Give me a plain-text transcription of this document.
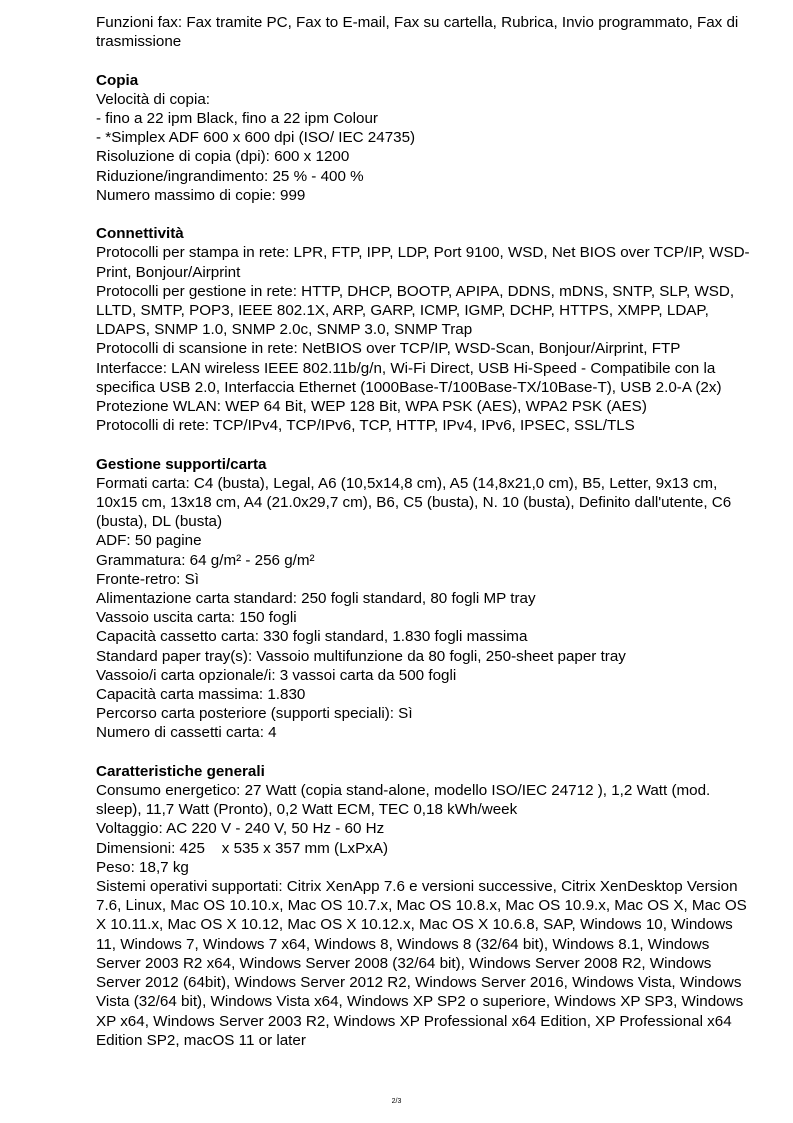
Funzioni fax: Fax tramite PC, Fax to E-mail, Fax su cartella, Rubrica, Invio programmato, Fax di trasmissione
Copia
Velocità di copia:
- fino a 22 ipm Black, fino a 22 ipm Colour
- *Simplex ADF 600 x 600 dpi (ISO/ IEC 24735)
Risoluzione di copia (dpi): 600 x 1200
Riduzione/ingrandimento: 25 % - 400 %
Numero massimo di copie: 999
Connettività
Protocolli per stampa in rete: LPR, FTP, IPP, LDP, Port 9100, WSD, Net BIOS over TCP/IP, WSD-Print, Bonjour/Airprint
Protocolli per gestione in rete: HTTP, DHCP, BOOTP, APIPA, DDNS, mDNS, SNTP, SLP, WSD, LLTD, SMTP, POP3, IEEE 802.1X, ARP, GARP, ICMP, IGMP, DCHP, HTTPS, XMPP, LDAP, LDAPS, SNMP 1.0, SNMP 2.0c, SNMP 3.0, SNMP Trap
Protocolli di scansione in rete: NetBIOS over TCP/IP, WSD-Scan, Bonjour/Airprint, FTP
Interfacce: LAN wireless IEEE 802.11b/g/n, Wi-Fi Direct, USB Hi-Speed - Compatibile con la specifica USB 2.0, Interfaccia Ethernet (1000Base-T/100Base-TX/10Base-T), USB 2.0-A (2x)
Protezione WLAN: WEP 64 Bit, WEP 128 Bit, WPA PSK (AES), WPA2 PSK (AES)
Protocolli di rete: TCP/IPv4, TCP/IPv6, TCP, HTTP, IPv4, IPv6, IPSEC, SSL/TLS
Gestione supporti/carta
Formati carta: C4 (busta), Legal, A6 (10,5x14,8 cm), A5 (14,8x21,0 cm), B5, Letter, 9x13 cm, 10x15 cm, 13x18 cm, A4 (21.0x29,7 cm), B6, C5 (busta), N. 10 (busta), Definito dall'utente, C6 (busta), DL (busta)
ADF: 50 pagine
Grammatura: 64 g/m² - 256 g/m²
Fronte-retro: Sì
Alimentazione carta standard: 250 fogli standard, 80 fogli MP tray
Vassoio uscita carta: 150 fogli
Capacità cassetto carta: 330 fogli standard, 1.830 fogli massima
Standard paper tray(s): Vassoio multifunzione da 80 fogli, 250-sheet paper tray
Vassoio/i carta opzionale/i: 3 vassoi carta da 500 fogli
Capacità carta massima: 1.830
Percorso carta posteriore (supporti speciali): Sì
Numero di cassetti carta: 4
Caratteristiche generali
Consumo energetico: 27 Watt (copia stand-alone, modello ISO/IEC 24712 ), 1,2 Watt (mod. sleep), 11,7 Watt (Pronto), 0,2 Watt ECM, TEC 0,18 kWh/week
Voltaggio: AC 220 V - 240 V, 50 Hz - 60 Hz
Dimensioni: 425    x 535 x 357 mm (LxPxA)
Peso: 18,7 kg
Sistemi operativi supportati: Citrix XenApp 7.6 e versioni successive, Citrix XenDesktop Version 7.6, Linux, Mac OS 10.10.x, Mac OS 10.7.x, Mac OS 10.8.x, Mac OS 10.9.x, Mac OS X, Mac OS X 10.11.x, Mac OS X 10.12, Mac OS X 10.12.x, Mac OS X 10.6.8, SAP, Windows 10, Windows 11, Windows 7, Windows 7 x64, Windows 8, Windows 8 (32/64 bit), Windows 8.1, Windows Server 2003 R2 x64, Windows Server 2008 (32/64 bit), Windows Server 2008 R2, Windows Server 2012 (64bit), Windows Server 2012 R2, Windows Server 2016, Windows Vista, Windows Vista (32/64 bit), Windows Vista x64, Windows XP SP2 o superiore, Windows XP SP3, Windows XP x64, Windows Server 2003 R2, Windows XP Professional x64 Edition, XP Professional x64 Edition SP2, macOS 11 or later
2/3
